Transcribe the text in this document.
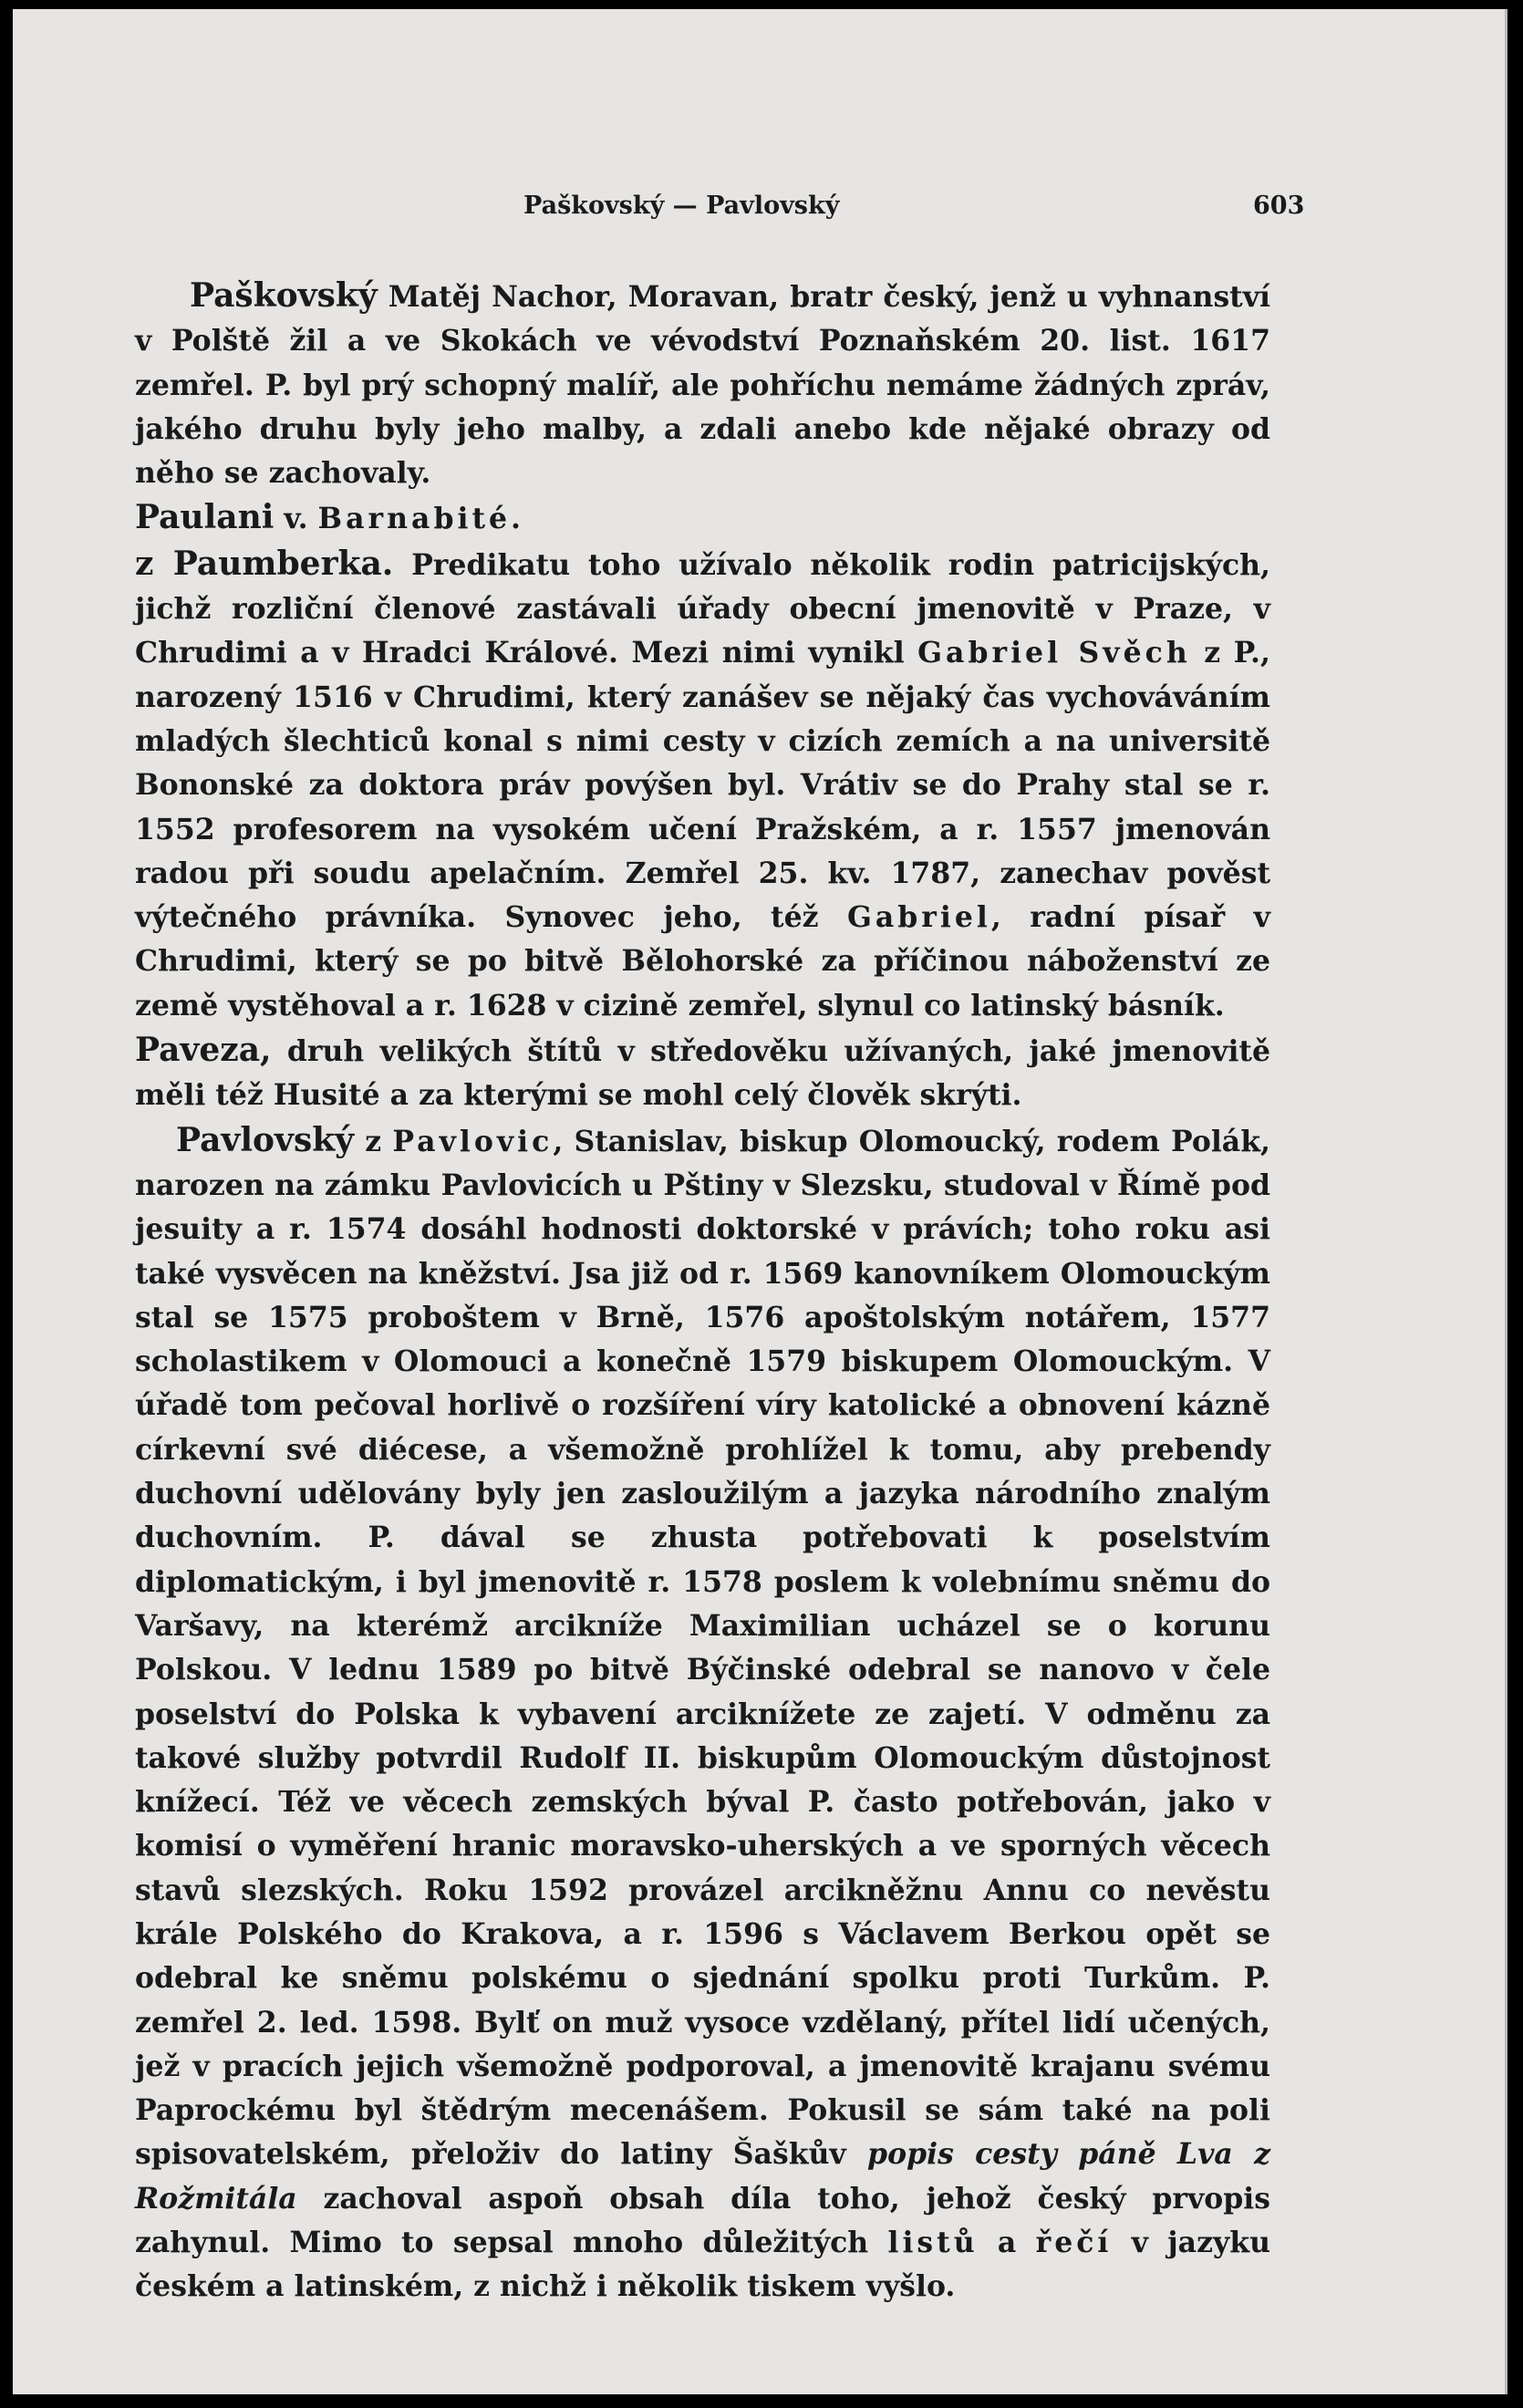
Paškovský — Pavlovský	603

Paškovský Matěj Nachor, Moravan, bratr český, jenž u vyhnanství v Polště žil a ve Skokách ve vévodství Poznaňském 20. list. 1617 zemřel. P. byl prý schopný malíř, ale pohříchu nemáme žádných zpráv, jakého druhu byly jeho malby, a zdali anebo kde nějaké obrazy od něho se zachovaly.

Paulani v. Barnabité.

z Paumberka. Predikatu toho užívalo několik rodin patricijských, jichž rozliční členové zastávali úřady obecní jmenovitě v Praze, v Chrudimi a v Hradci Králové. Mezi nimi vynikl Gabriel Svěch z P., narozený 1516 v Chrudimi, který zanášev se nějaký čas vychováváním mladých šlechticů konal s nimi cesty v cizích zemích a na universitě Bononské za doktora práv povýšen byl. Vrátiv se do Prahy stal se r. 1552 profesorem na vysokém učení Pražském, a r. 1557 jmenován radou při soudu apelačním. Zemřel 25. kv. 1787, zanechav pověst výtečného právníka. Synovec jeho, též Gabriel, radní písař v Chrudimi, který se po bitvě Bělohorské za příčinou náboženství ze země vystěhoval a r. 1628 v cizině zemřel, slynul co latinský básník.

Paveza, druh velikých štítů v středověku užívaných, jaké jmenovitě měli též Husité a za kterými se mohl celý člověk skrýti.

Pavlovský z Pavlovic, Stanislav, biskup Olomoucký, rodem Polák, narozen na zámku Pavlovicích u Pštiny v Slezsku, studoval v Římě pod jesuity a r. 1574 dosáhl hodnosti doktorské v právích; toho roku asi také vysvěcen na kněžství. Jsa již od r. 1569 kanovníkem Olomouckým stal se 1575 proboštem v Brně, 1576 apoštolským notářem, 1577 scholastikem v Olomouci a konečně 1579 biskupem Olomouckým. V úřadě tom pečoval horlivě o rozšíření víry katolické a obnovení kázně církevní své diécese, a všemožně prohlížel k tomu, aby prebendy duchovní udělovány byly jen zasloužilým a jazyka národního znalým duchovním. P. dával se zhusta potřebovati k poselstvím diplomatickým, i byl jmenovitě r. 1578 poslem k volebnímu sněmu do Varšavy, na kterémž arcikníže Maximilian ucházel se o korunu Polskou. V lednu 1589 po bitvě Býčinské odebral se nanovo v čele poselství do Polska k vybavení arciknížete ze zajetí. V odměnu za takové služby potvrdil Rudolf II. biskupům Olomouckým důstojnost knížecí. Též ve věcech zemských býval P. často potřebován, jako v komisí o vyměření hranic moravsko-uherských a ve sporných věcech stavů slezských. Roku 1592 provázel arcikněžnu Annu co nevěstu krále Polského do Krakova, a r. 1596 s Václavem Berkou opět se odebral ke sněmu polskému o sjednání spolku proti Turkům. P. zemřel 2. led. 1598. Bylť on muž vysoce vzdělaný, přítel lidí učených, jež v pracích jejich všemožně podporoval, a jmenovitě krajanu svému Paprockému byl štědrým mecenášem. Pokusil se sám také na poli spisovatelském, přeloživ do latiny Šaškův popis cesty páně Lva z Rožmitála zachoval aspoň obsah díla toho, jehož český prvopis zahynul. Mimo to sepsal mnoho důležitých listů a řečí v jazyku českém a latinském, z nichž i několik tiskem vyšlo.
